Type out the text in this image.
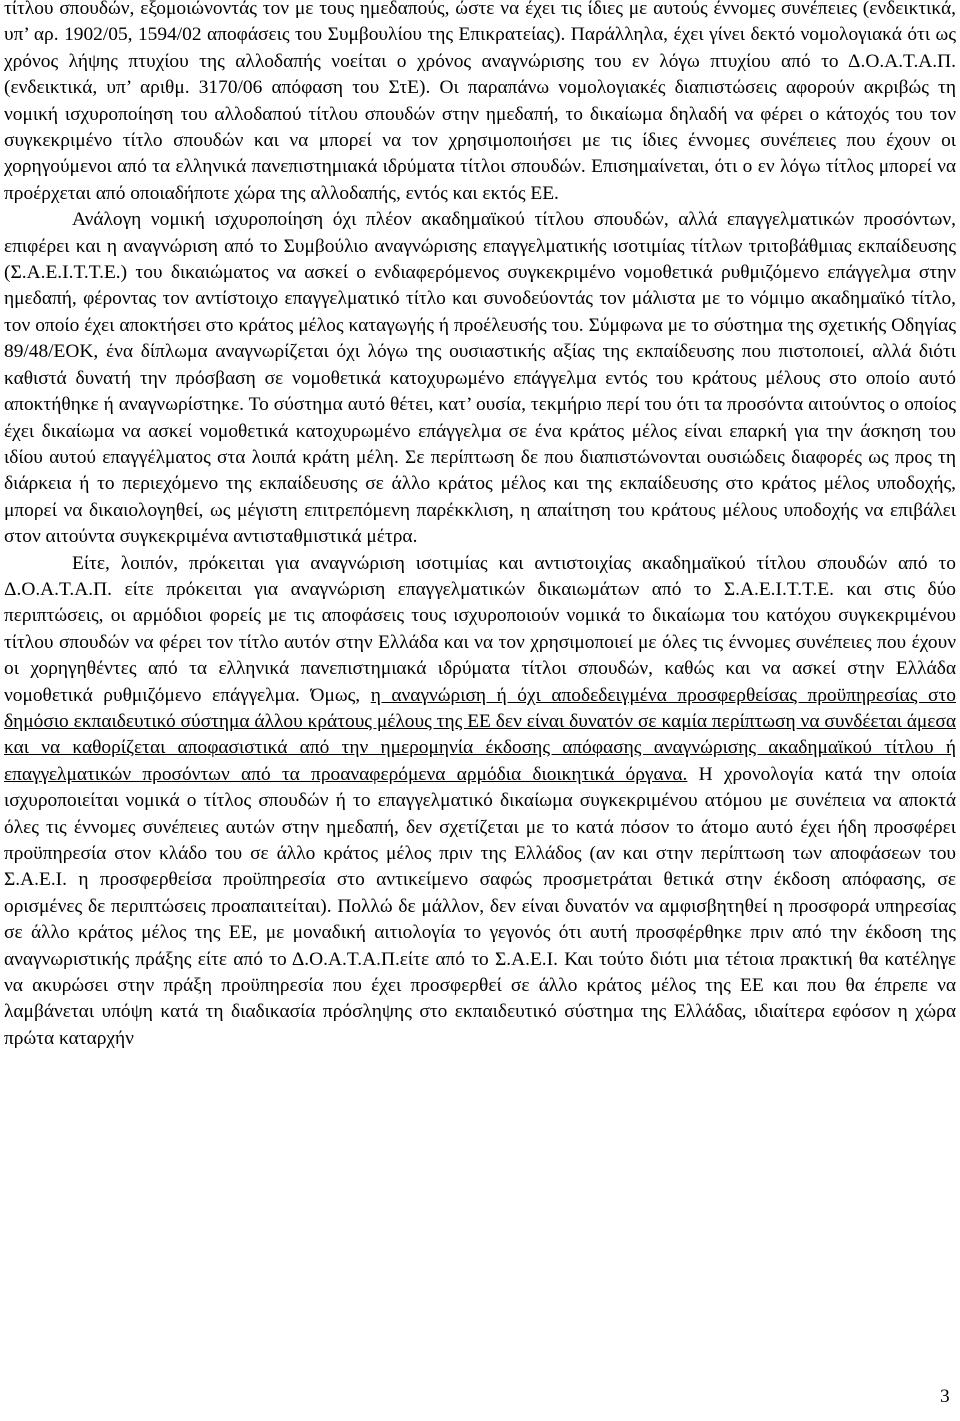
τίτλου σπουδών, εξομοιώνοντάς τον με τους ημεδαπούς, ώστε να έχει τις ίδιες με αυτούς έννομες συνέπειες (ενδεικτικά, υπ’ αρ. 1902/05, 1594/02 αποφάσεις του Συμβουλίου της Επικρατείας). Παράλληλα, έχει γίνει δεκτό νομολογιακά ότι ως χρόνος λήψης πτυχίου της αλλοδαπής νοείται ο χρόνος αναγνώρισης του εν λόγω πτυχίου από το Δ.Ο.Α.Τ.Α.Π. (ενδεικτικά, υπ’ αριθμ. 3170/06 απόφαση του ΣτΕ). Οι παραπάνω νομολογιακές διαπιστώσεις αφορούν ακριβώς τη νομική ισχυροποίηση του αλλοδαπού τίτλου σπουδών στην ημεδαπή, το δικαίωμα δηλαδή να φέρει ο κάτοχός του τον συγκεκριμένο τίτλο σπουδών και να μπορεί να τον χρησιμοποιήσει με τις ίδιες έννομες συνέπειες που έχουν οι χορηγούμενοι από τα ελληνικά πανεπιστημιακά ιδρύματα τίτλοι σπουδών. Επισημαίνεται, ότι ο εν λόγω τίτλος μπορεί να προέρχεται από οποιαδήποτε χώρα της αλλοδαπής, εντός και εκτός ΕΕ.

Ανάλογη νομική ισχυροποίηση όχι πλέον ακαδημαϊκού τίτλου σπουδών, αλλά επαγγελματικών προσόντων, επιφέρει και η αναγνώριση από το Συμβούλιο αναγνώρισης επαγγελματικής ισοτιμίας τίτλων τριτοβάθμιας εκπαίδευσης (Σ.Α.Ε.Ι.Τ.Τ.Ε.) του δικαιώματος να ασκεί ο ενδιαφερόμενος συγκεκριμένο νομοθετικά ρυθμιζόμενο επάγγελμα στην ημεδαπή, φέροντας τον αντίστοιχο επαγγελματικό τίτλο και συνοδεύοντάς τον μάλιστα με το νόμιμο ακαδημαϊκό τίτλο, τον οποίο έχει αποκτήσει στο κράτος μέλος καταγωγής ή προέλευσής του. Σύμφωνα με το σύστημα της σχετικής Οδηγίας 89/48/ΕΟΚ, ένα δίπλωμα αναγνωρίζεται όχι λόγω της ουσιαστικής αξίας της εκπαίδευσης που πιστοποιεί, αλλά διότι καθιστά δυνατή την πρόσβαση σε νομοθετικά κατοχυρωμένο επάγγελμα εντός του κράτους μέλους στο οποίο αυτό αποκτήθηκε ή αναγνωρίστηκε. Το σύστημα αυτό θέτει, κατ’ ουσία, τεκμήριο περί του ότι τα προσόντα αιτούντος ο οποίος έχει δικαίωμα να ασκεί νομοθετικά κατοχυρωμένο επάγγελμα σε ένα κράτος μέλος είναι επαρκή για την άσκηση του ιδίου αυτού επαγγέλματος στα λοιπά κράτη μέλη. Σε περίπτωση δε που διαπιστώνονται ουσιώδεις διαφορές ως προς τη διάρκεια ή το περιεχόμενο της εκπαίδευσης σε άλλο κράτος μέλος και της εκπαίδευσης στο κράτος μέλος υποδοχής, μπορεί να δικαιολογηθεί, ως μέγιστη επιτρεπόμενη παρέκκλιση, η απαίτηση του κράτους μέλους υποδοχής να επιβάλει στον αιτούντα συγκεκριμένα αντισταθμιστικά μέτρα.

Είτε, λοιπόν, πρόκειται για αναγνώριση ισοτιμίας και αντιστοιχίας ακαδημαϊκού τίτλου σπουδών από το Δ.Ο.Α.Τ.Α.Π. είτε πρόκειται για αναγνώριση επαγγελματικών δικαιωμάτων από το Σ.Α.Ε.Ι.Τ.Τ.Ε. και στις δύο περιπτώσεις, οι αρμόδιοι φορείς με τις αποφάσεις τους ισχυροποιούν νομικά το δικαίωμα του κατόχου συγκεκριμένου τίτλου σπουδών να φέρει τον τίτλο αυτόν στην Ελλάδα και να τον χρησιμοποιεί με όλες τις έννομες συνέπειες που έχουν οι χορηγηθέντες από τα ελληνικά πανεπιστημιακά ιδρύματα τίτλοι σπουδών, καθώς και να ασκεί στην Ελλάδα νομοθετικά ρυθμιζόμενο επάγγελμα. Όμως, η αναγνώριση ή όχι αποδεδειγμένα προσφερθείσας προϋπηρεσίας στο δημόσιο εκπαιδευτικό σύστημα άλλου κράτους μέλους της ΕΕ δεν είναι δυνατόν σε καμία περίπτωση να συνδέεται άμεσα και να καθορίζεται αποφασιστικά από την ημερομηνία έκδοσης απόφασης αναγνώρισης ακαδημαϊκού τίτλου ή επαγγελματικών προσόντων από τα προαναφερόμενα αρμόδια διοικητικά όργανα. Η χρονολογία κατά την οποία ισχυροποιείται νομικά ο τίτλος σπουδών ή το επαγγελματικό δικαίωμα συγκεκριμένου ατόμου με συνέπεια να αποκτά όλες τις έννομες συνέπειες αυτών στην ημεδαπή, δεν σχετίζεται με το κατά πόσον το άτομο αυτό έχει ήδη προσφέρει προϋπηρεσία στον κλάδο του σε άλλο κράτος μέλος πριν της Ελλάδος (αν και στην περίπτωση των αποφάσεων του Σ.Α.Ε.Ι. η προσφερθείσα προϋπηρεσία στο αντικείμενο σαφώς προσμετράται θετικά στην έκδοση απόφασης, σε ορισμένες δε περιπτώσεις προαπαιτείται). Πολλώ δε μάλλον, δεν είναι δυνατόν να αμφισβητηθεί η προσφορά υπηρεσίας σε άλλο κράτος μέλος της ΕΕ, με μοναδική αιτιολογία το γεγονός ότι αυτή προσφέρθηκε πριν από την έκδοση της αναγνωριστικής πράξης είτε από το Δ.Ο.Α.Τ.Α.Π.είτε από το Σ.Α.Ε.Ι. Και τούτο διότι μια τέτοια πρακτική θα κατέληγε να ακυρώσει στην πράξη προϋπηρεσία που έχει προσφερθεί σε άλλο κράτος μέλος της ΕΕ και που θα έπρεπε να λαμβάνεται υπόψη κατά τη διαδικασία πρόσληψης στο εκπαιδευτικό σύστημα της Ελλάδας, ιδιαίτερα εφόσον η χώρα πρώτα καταρχήν

3
